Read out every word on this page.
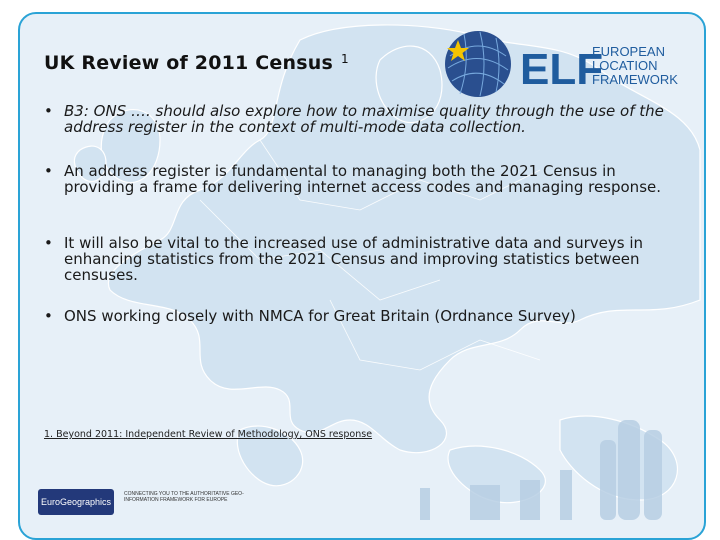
UK Review of 2011 Census $^1$	ELF
EUROPEAN
LOCATION
FRAMEWORK
• B3: ONS …. should also explore how to maximise quality through the use of the address register in the context of multi-mode data collection.
• An address register is fundamental to managing both the 2021 Census in providing a frame for delivering internet access codes and managing response.
• It will also be vital to the increased use of administrative data and surveys in enhancing statistics from the 2021 Census and improving statistics between censuses.
• ONS working closely with NMCA for Great Britain (Ordnance Survey)
1. Beyond 2011: Independent Review of Methodology, ONS response
EuroGeographics
CONNECTING YOU TO THE AUTHORITATIVE GEO-INFORMATION FRAMEWORK FOR EUROPE
